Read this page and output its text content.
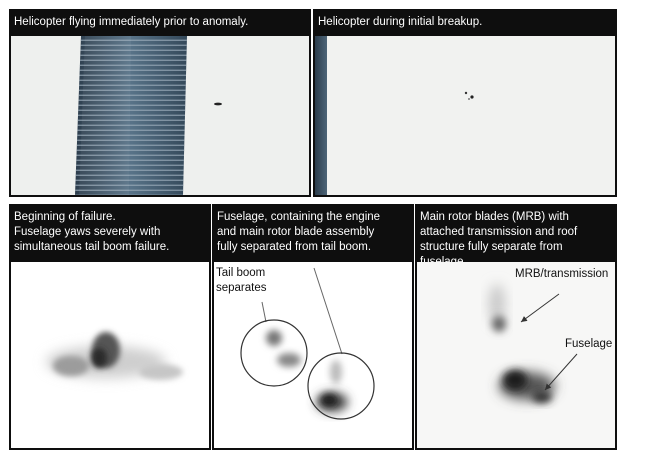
Helicopter flying immediately prior to anomaly.	Helicopter during initial breakup.
Beginning of failure.
Fuselage yaws severely with
simultaneous tail boom failure.
Fuselage, containing the engine
and main rotor blade assembly
fully separated from tail boom.
Tail boom
separates
Main rotor blades (MRB) with
attached transmission and roof
structure fully separate from
MRB/transmission
Fuselage
